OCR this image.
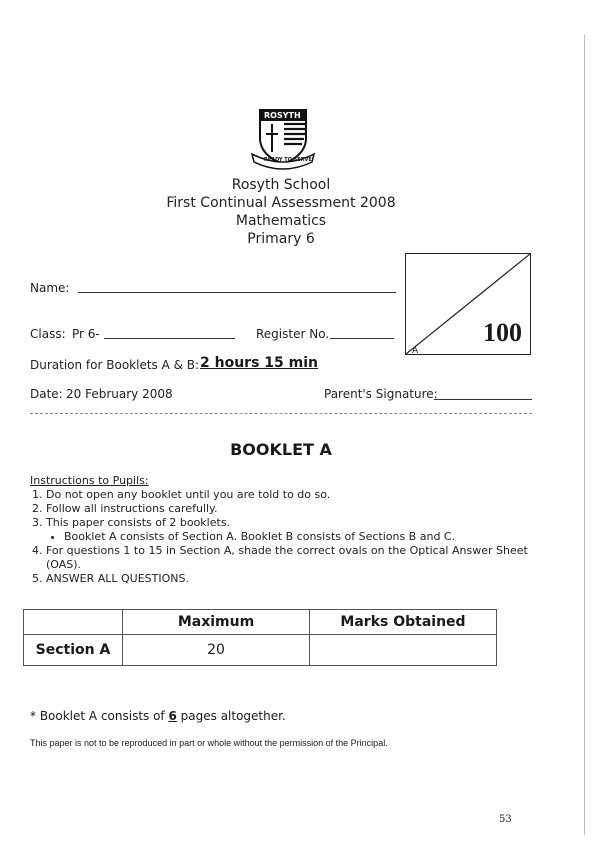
ROSYTH
READY TO SERVE
Rosyth School
First Continual Assessment 2008
Mathematics
Primary 6
Name:
Class: Pr 6-	Register No.
Duration for Booklets A & B: 2 hours 15 min
Date: 20 February 2008	Parent's Signature:
A
100
BOOKLET A
Instructions to Pupils:
1. Do not open any booklet until you are told to do so.
2. Follow all instructions carefully.
3. This paper consists of 2 booklets.
• Booklet A consists of Section A. Booklet B consists of Sections B and C.
4. For questions 1 to 15 in Section A, shade the correct ovals on the Optical Answer Sheet (OAS).
5. ANSWER ALL QUESTIONS.
	Maximum	Marks Obtained
Section A	20	
* Booklet A consists of 6 pages altogether.
This paper is not to be reproduced in part or whole without the permission of the Principal.
53
